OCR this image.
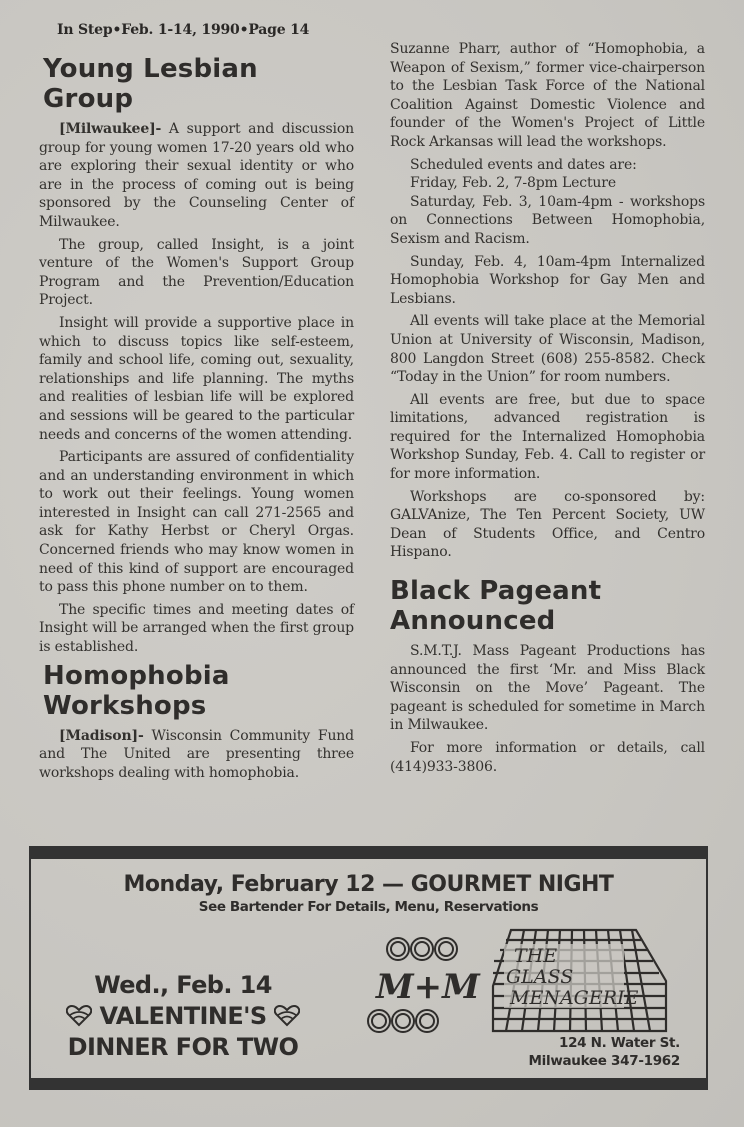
In Step•Feb. 1-14, 1990•Page 14
Young Lesbian Group

[Milwaukee]- A support and discussion group for young women 17-20 years old who are exploring their sexual identity or who are in the process of coming out is being sponsored by the Counseling Center of Milwaukee.

The group, called Insight, is a joint venture of the Women's Support Group Program and the Prevention/Education Project.

Insight will provide a supportive place in which to discuss topics like self-esteem, family and school life, coming out, sexuality, relationships and life planning. The myths and realities of lesbian life will be explored and sessions will be geared to the particular needs and concerns of the women attending.

Participants are assured of confidentiality and an understanding environment in which to work out their feelings. Young women interested in Insight can call 271-2565 and ask for Kathy Herbst or Cheryl Orgas. Concerned friends who may know women in need of this kind of support are encouraged to pass this phone number on to them.

The specific times and meeting dates of Insight will be arranged when the first group is established.

Homophobia Workshops

[Madison]- Wisconsin Community Fund and The United are presenting three workshops dealing with homophobia.

Suzanne Pharr, author of “Homophobia, a Weapon of Sexism,” former vice-chairperson to the Lesbian Task Force of the National Coalition Against Domestic Violence and founder of the Women's Project of Little Rock Arkansas will lead the workshops.

Scheduled events and dates are:

Friday, Feb. 2, 7-8pm Lecture

Saturday, Feb. 3, 10am-4pm - workshops on Connections Between Homophobia, Sexism and Racism.

Sunday, Feb. 4, 10am-4pm Internalized Homophobia Workshop for Gay Men and Lesbians.

All events will take place at the Memorial Union at University of Wisconsin, Madison, 800 Langdon Street (608) 255-8582. Check “Today in the Union” for room numbers.

All events are free, but due to space limitations, advanced registration is required for the Internalized Homophobia Workshop Sunday, Feb. 4. Call to register or for more information.

Workshops are co-sponsored by: GALVAnize, The Ten Percent Society, UW Dean of Students Office, and Centro Hispano.

Black Pageant Announced

S.M.T.J. Mass Pageant Productions has announced the first ‘Mr. and Miss Black Wisconsin on the Move’ Pageant. The pageant is scheduled for sometime in March in Milwaukee.

For more information or details, call (414)933-3806.

Monday, February 12 — GOURMET NIGHT
See Bartender For Details, Menu, Reservations
Wed., Feb. 14
VALENTINE'S
DINNER FOR TWO
M+M
THE
GLASS
MENAGERIE
124 N. Water St.
Milwaukee 347-1962
